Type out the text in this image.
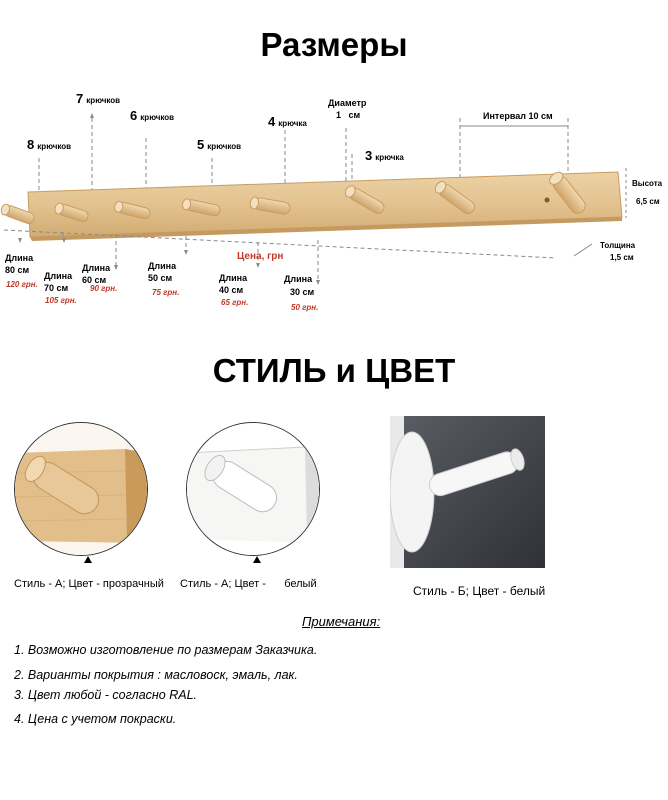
Размеры
8 крючков
7 крючков
6 крючков
5 крючков
4 крючка
3 крючка
Диаметр
1   см	Интервал 10 см
Высота
6,5 см
Толщина
1,5 см
Цена, грн
Длина
80 см
120 грн.
Длина
70 см
105 грн.
Длина
60 см
90 грн.
Длина
50 см
75 грн.
Длина
40 см
65 грн.
Длина
30 см
50 грн.
СТИЛЬ и ЦВЕТ
Стиль - А; Цвет - прозрачный Стиль - А; Цвет -      белый	Стиль - Б; Цвет - белый
Примечания:
1. Возможно изготовление по размерам Заказчика.
2. Варианты покрытия : масловоск, эмаль, лак.
3. Цвет любой - согласно RAL.
4. Цена с учетом покраски.
